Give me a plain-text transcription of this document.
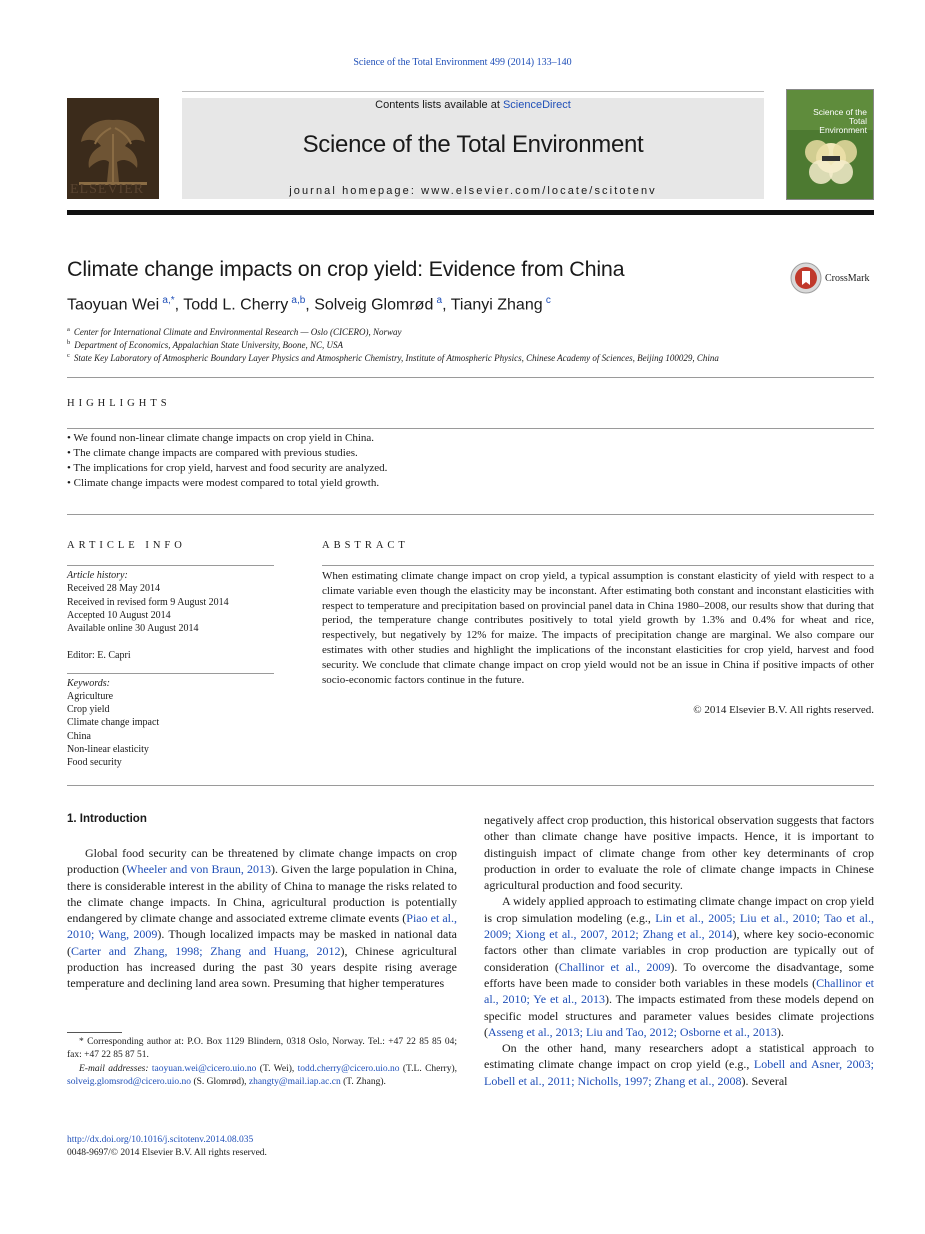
Science of the Total Environment 499 (2014) 133–140
ELSEVIER
Contents lists available at ScienceDirect
Science of the Total Environment
journal homepage: www.elsevier.com/locate/scitotenv
Science of the Total Environment
Climate change impacts on crop yield: Evidence from China	CrossMark
Taoyuan Wei  $^{a,*}$, Todd L. Cherry  $^{a,b}$, Solveig Glomrød  $^a$, Tianyi Zhang  $^c$
$^a$ Center for International Climate and Environmental Research — Oslo (CICERO), Norway
$^b$ Department of Economics, Appalachian State University, Boone, NC, USA
$^c$ State Key Laboratory of Atmospheric Boundary Layer Physics and Atmospheric Chemistry, Institute of Atmospheric Physics, Chinese Academy of Sciences, Beijing 100029, China
HIGHLIGHTS
• We found non-linear climate change impacts on crop yield in China.
• The climate change impacts are compared with previous studies.
• The implications for crop yield, harvest and food security are analyzed.
• Climate change impacts were modest compared to total yield growth.
ARTICLE INFO
Article history:
Received 28 May 2014
Received in revised form 9 August 2014
Accepted 10 August 2014
Available online 30 August 2014
Editor: E. Capri
Keywords:
Agriculture
Crop yield
Climate change impact
China
Non-linear elasticity
Food security
ABSTRACT
When estimating climate change impact on crop yield, a typical assumption is constant elasticity of yield with respect to a climate variable even though the elasticity may be inconstant. After estimating both constant and inconstant elasticities with respect to temperature and precipitation based on provincial panel data in China 1980–2008, our results show that during that period, the temperature change contributes positively to total yield growth by 1.3% and 0.4% for wheat and rice, respectively, but negatively by 12% for maize. The impacts of precipitation change are marginal. We also compare our estimates with other studies and highlight the implications of the inconstant elasticities for crop yield, harvest and food security. We conclude that climate change impact on crop yield would not be an issue in China if positive impacts of other socio-economic factors continue in the future.
© 2014 Elsevier B.V. All rights reserved.
1. Introduction

Global food security can be threatened by climate change impacts on crop production (Wheeler and von Braun, 2013). Given the large population in China, there is considerable interest in the ability of China to manage the risks related to the climate change impacts. In China, agricultural production is potentially endangered by climate change and associated extreme climate events (Piao et al., 2010; Wang, 2009). Though localized impacts may be masked in national data (Carter and Zhang, 1998; Zhang and Huang, 2012), Chinese agricultural production has increased during the past 30 years despite rising average temperature and declining land area sown. Presuming that higher temperatures

negatively affect crop production, this historical observation suggests that factors other than climate change have positive impacts. Hence, it is important to distinguish impact of climate change from other key determinants of crop production in order to evaluate the role of climate change impacts in Chinese agricultural production and food security.

A widely applied approach to estimating climate change impact on crop yield is crop simulation modeling (e.g., Lin et al., 2005; Liu et al., 2010; Tao et al., 2009; Xiong et al., 2007, 2012; Zhang et al., 2014), where key socio-economic factors other than climate variables in crop production are typically out of consideration (Challinor et al., 2009). To overcome the disadvantage, some efforts have been made to consider both variables in these models (Challinor et al., 2010; Ye et al., 2013). The impacts estimated from these models depend on specific model structures and parameter values besides climate projections (Asseng et al., 2013; Liu and Tao, 2012; Osborne et al., 2013).

On the other hand, many researchers adopt a statistical approach to estimating climate change impact on crop yield (e.g., Lobell and Asner, 2003; Lobell et al., 2011; Nicholls, 1997; Zhang et al., 2008). Several

* Corresponding author at: P.O. Box 1129 Blindern, 0318 Oslo, Norway. Tel.: +47 22 85 85 04; fax: +47 22 85 87 51.
E-mail addresses: taoyuan.wei@cicero.uio.no (T. Wei), todd.cherry@cicero.uio.no (T.L. Cherry), solveig.glomsrod@cicero.uio.no (S. Glomrød), zhangty@mail.iap.ac.cn (T. Zhang).
http://dx.doi.org/10.1016/j.scitotenv.2014.08.035
0048-9697/© 2014 Elsevier B.V. All rights reserved.
